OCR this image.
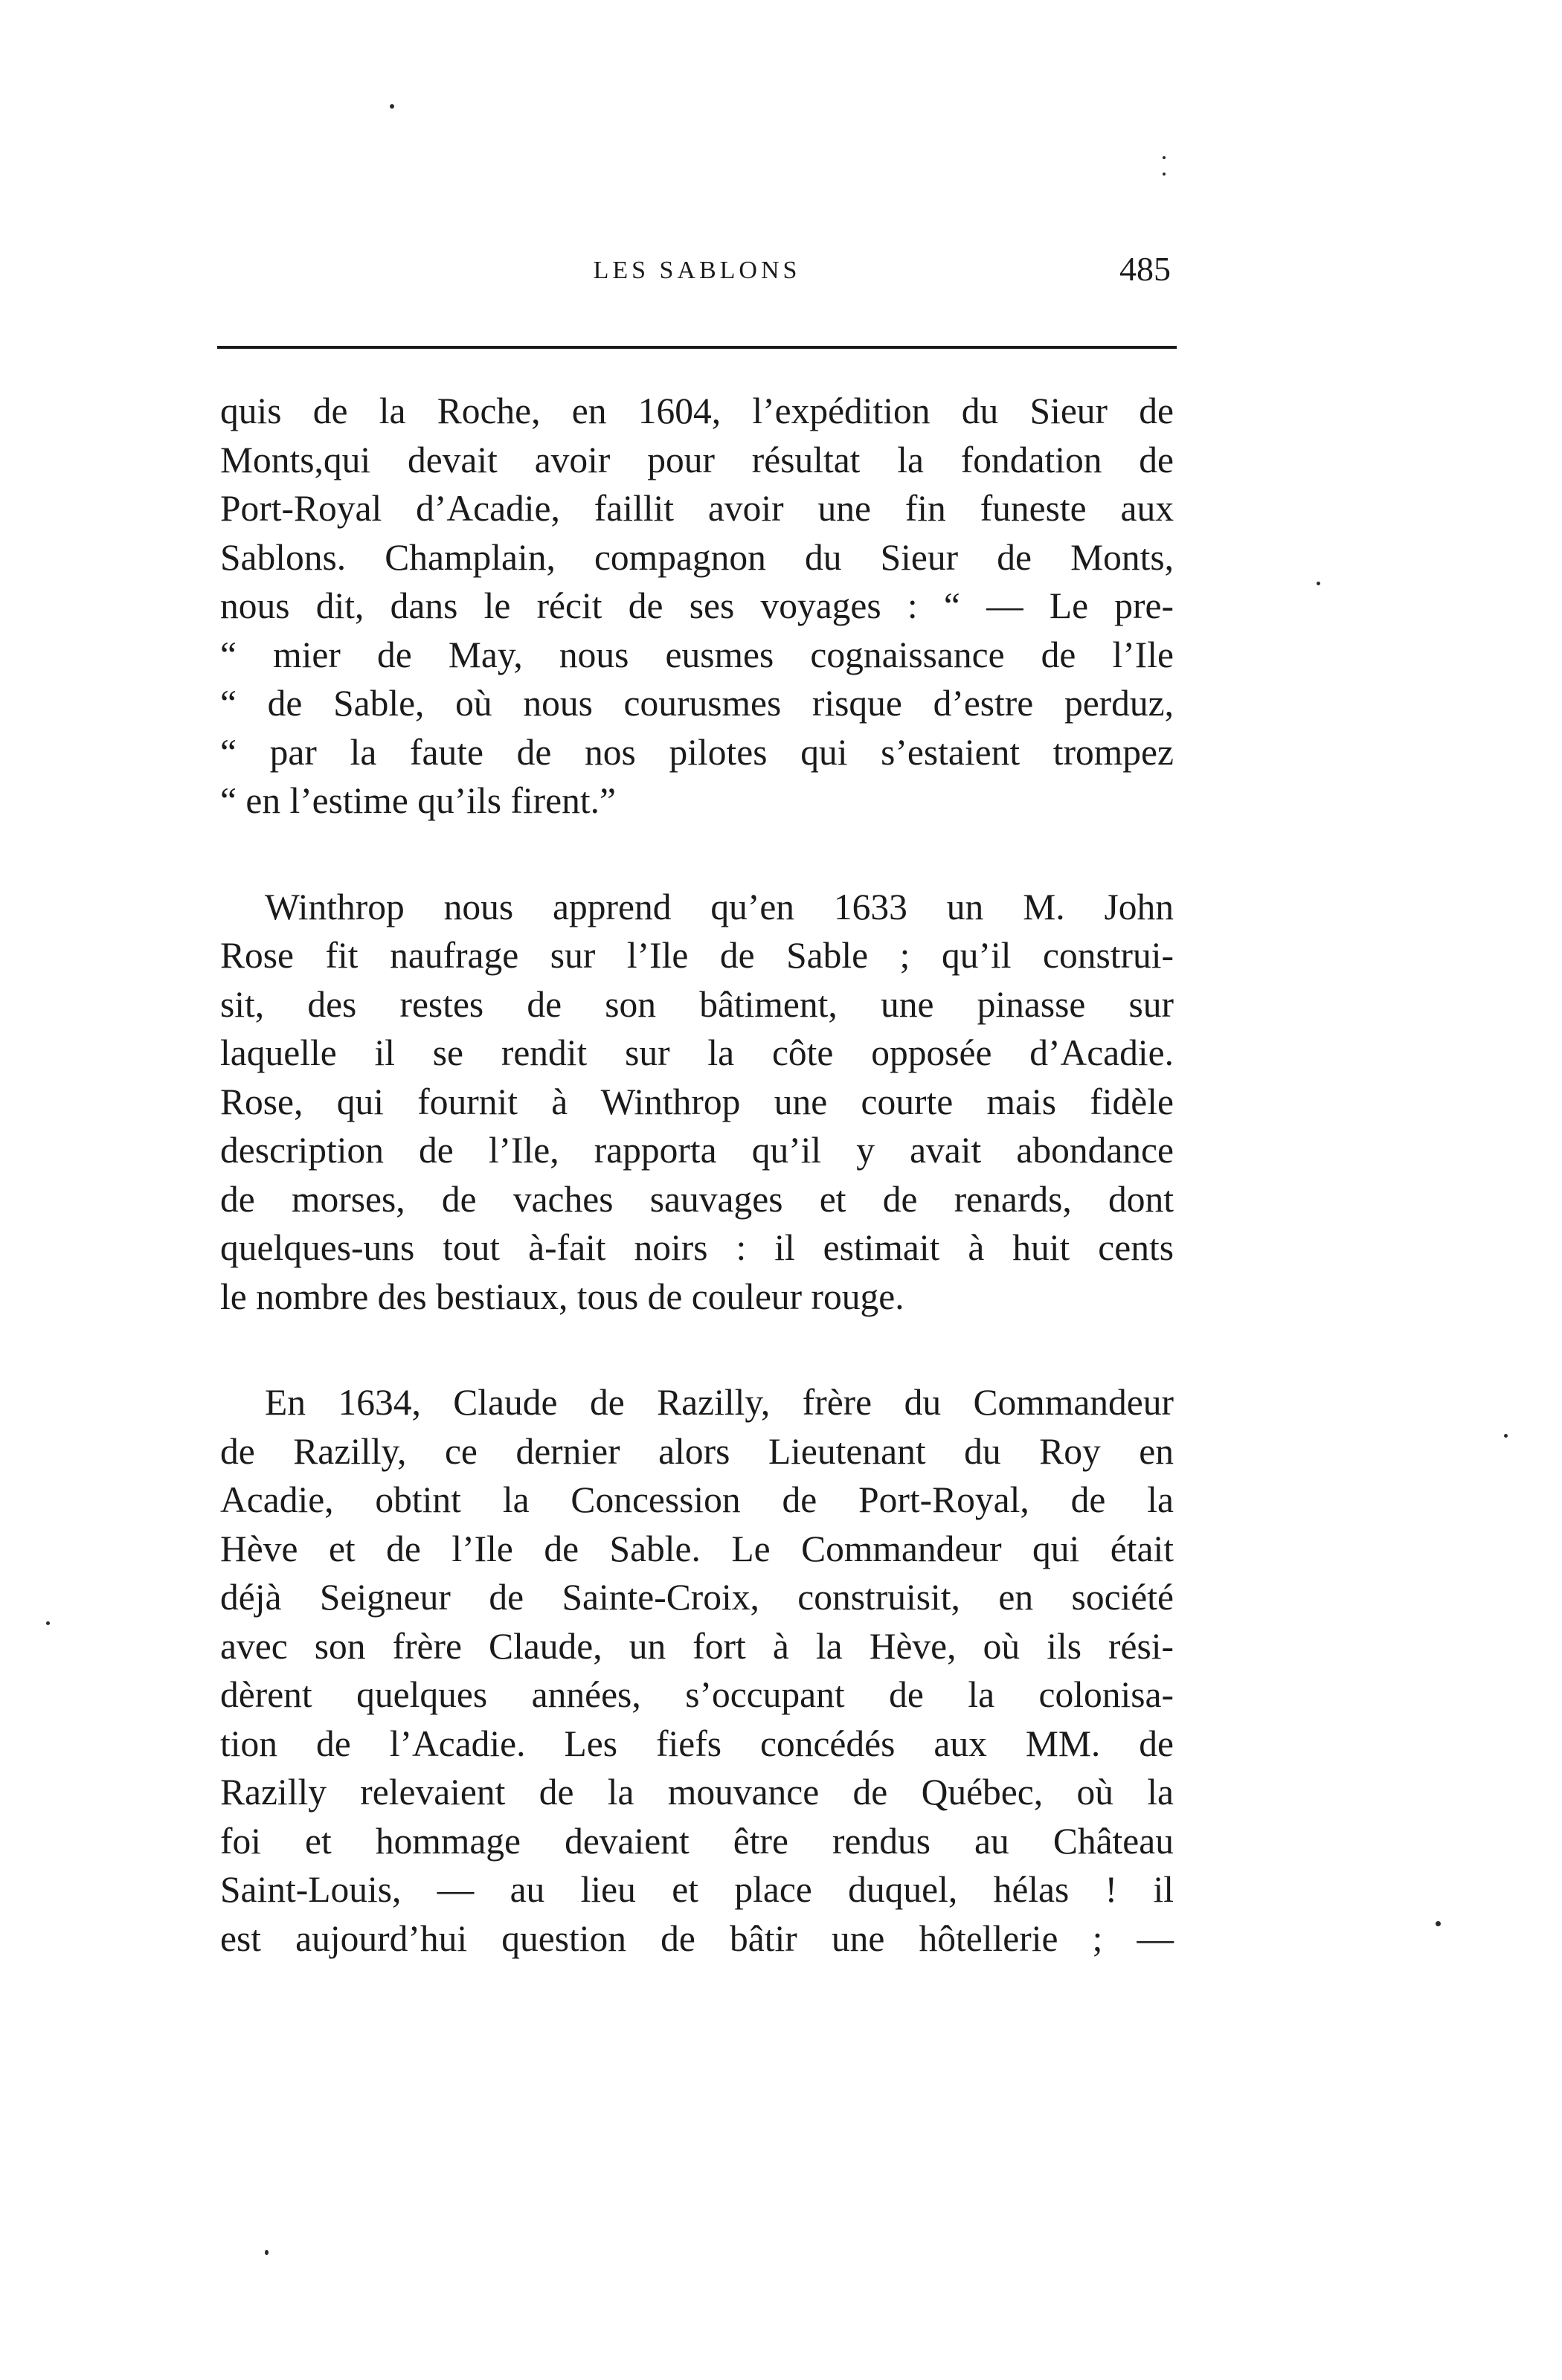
LES SABLONS	485
quis de la Roche, en 1604, l’expédition du Sieur de
Monts,qui devait avoir pour résultat la fondation de
Port-Royal d’Acadie, faillit avoir une fin funeste aux
Sablons. Champlain, compagnon du Sieur de Monts,
nous dit, dans le récit de ses voyages : “ — Le pre-
“ mier de May, nous eusmes cognaissance de l’Ile
“ de Sable, où nous courusmes risque d’estre perduz,
“ par la faute de nos pilotes qui s’estaient trompez
“ en l’estime qu’ils firent.”
Winthrop nous apprend qu’en 1633 un M. John
Rose fit naufrage sur l’Ile de Sable ; qu’il construi-
sit, des restes de son bâtiment, une pinasse sur
laquelle il se rendit sur la côte opposée d’Acadie.
Rose, qui fournit à Winthrop une courte mais fidèle
description de l’Ile, rapporta qu’il y avait abondance
de morses, de vaches sauvages et de renards, dont
quelques-uns tout à-fait noirs : il estimait à huit cents
le nombre des bestiaux, tous de couleur rouge.
En 1634, Claude de Razilly, frère du Commandeur
de Razilly, ce dernier alors Lieutenant du Roy en
Acadie, obtint la Concession de Port-Royal, de la
Hève et de l’Ile de Sable. Le Commandeur qui était
déjà Seigneur de Sainte-Croix, construisit, en société
avec son frère Claude, un fort à la Hève, où ils rési-
dèrent quelques années, s’occupant de la colonisa-
tion de l’Acadie. Les fiefs concédés aux MM. de
Razilly relevaient de la mouvance de Québec, où la
foi et hommage devaient être rendus au Château
Saint-Louis, — au lieu et place duquel, hélas ! il
est aujourd’hui question de bâtir une hôtellerie ; —
